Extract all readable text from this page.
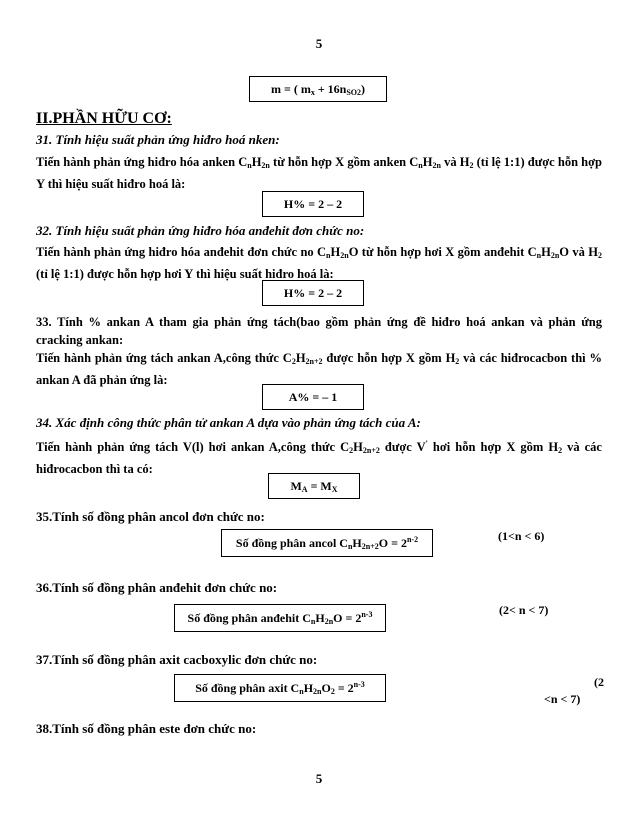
5
m = ( $m_x + 16n_{SO2}$)
II.PHẦN HỮU CƠ:
31. Tính hiệu suất phản ứng hiđro hoá nken:
Tiến hành phản ứng hiđro hóa anken $C_nH_{2n}$ từ hỗn hợp X gồm anken $C_nH_{2n}$ và $H_2$ (tỉ lệ 1:1) được hỗn hợp Y thì hiệu suất hiđro hoá là:
H% = 2 – 2
32. Tính hiệu suất phản ứng hiđro hóa anđehit đơn chức no:
Tiến hành phản ứng hiđro hóa anđehit đơn chức no $C_nH_{2n}O$ từ hỗn hợp hơi X gồm anđehit $C_nH_{2n}O$ và $H_2$ (tỉ lệ 1:1) được hỗn hợp hơi Y thì hiệu suất hiđro hoá là:
H% = 2 – 2
33. Tính % ankan A tham gia phản ứng tách(bao gồm phản ứng đề hiđro hoá ankan và phản ứng cracking ankan:
Tiến hành phản ứng tách ankan A,công thức $C_2H_{2n+2}$ được hỗn hợp X gồm $H_2$ và các hiđrocacbon thì % ankan A đã phản ứng là:
A% = – 1
34. Xác định công thức phân tử ankan A dựa vào phản ứng tách của A:
Tiến hành phản ứng tách V(l) hơi ankan A,công thức $C_2H_{2n+2}$ được V' hơi hỗn hợp X gồm $H_2$ và các hiđrocacbon thì ta có:
$M_A = M_X$
35.Tính số đồng phân ancol đơn chức no:
Số đồng phân ancol $C_nH_{2n+2}O = 2^{n-2}$	(1<n < 6)
36.Tính số đồng phân anđehit đơn chức no:
Số đồng phân anđehit $C_nH_{2n}O = 2^{n-3}$	(2< n < 7)
37.Tính số đồng phân axit cacboxylic đơn chức no:
Số đồng phân axit $C_nH_{2n}O_2 = 2^{n-3}$	(2
<n < 7)
38.Tính số đồng phân este đơn chức no:
5
